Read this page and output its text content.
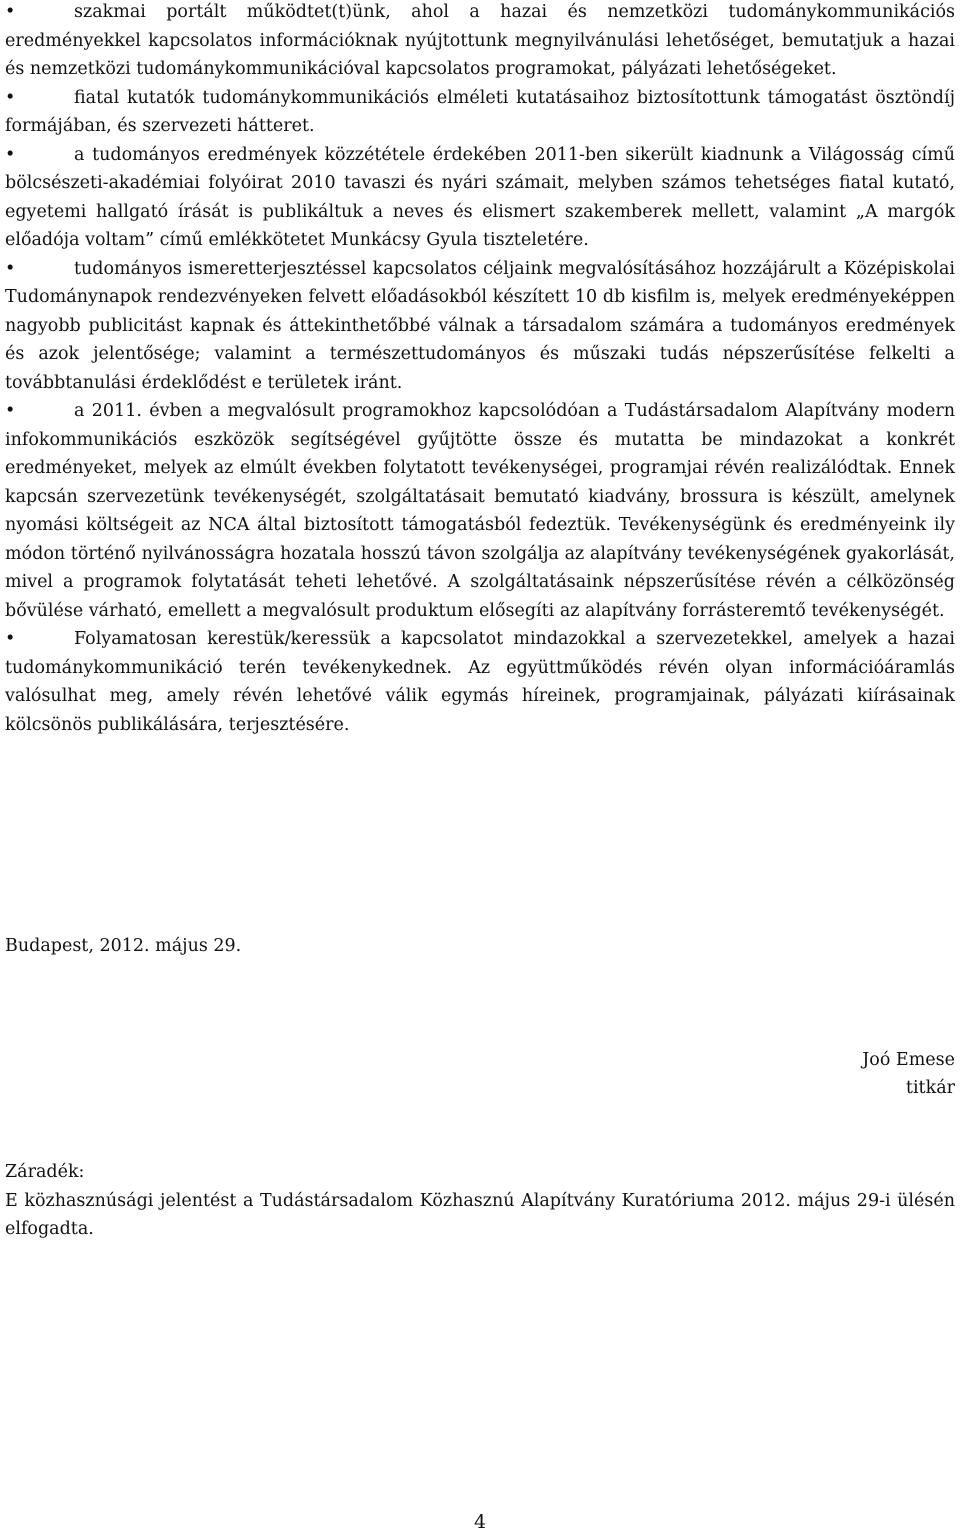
•	szakmai portált működtet(t)ünk, ahol a hazai és nemzetközi tudománykommunikációs eredményekkel kapcsolatos információknak nyújtottunk megnyilvánulási lehetőséget, bemutatjuk a hazai és nemzetközi tudománykommunikációval kapcsolatos programokat, pályázati lehetőségeket.
•	fiatal kutatók tudománykommunikációs elméleti kutatásaihoz biztosítottunk támogatást ösztöndíj formájában, és szervezeti hátteret.
•	a tudományos eredmények közzététele érdekében 2011-ben sikerült kiadnunk a Világosság című bölcsészeti-akadémiai folyóirat 2010 tavaszi és nyári számait, melyben számos tehetséges fiatal kutató, egyetemi hallgató írását is publikáltuk a neves és elismert szakemberek mellett, valamint „A margók előadója voltam” című emlékkötetet Munkácsy Gyula tiszteletére.
•	tudományos ismeretterjesztéssel kapcsolatos céljaink megvalósításához hozzájárult a Középiskolai Tudománynapok rendezvényeken felvett előadásokból készített 10 db kisfilm is, melyek eredményeképpen nagyobb publicitást kapnak és áttekinthetőbbé válnak a társadalom számára a tudományos eredmények és azok jelentősége; valamint a természettudományos és műszaki tudás népszerűsítése felkelti a továbbtanulási érdeklődést e területek iránt.
•	a 2011. évben a megvalósult programokhoz kapcsolódóan a Tudástársadalom Alapítvány modern infokommunikációs eszközök segítségével gyűjtötte össze és mutatta be mindazokat a konkrét eredményeket, melyek az elmúlt években folytatott tevékenységei, programjai révén realizálódtak. Ennek kapcsán szervezetünk tevékenységét, szolgáltatásait bemutató kiadvány, brossura is készült, amelynek nyomási költségeit az NCA által biztosított támogatásból fedeztük. Tevékenységünk és eredményeink ily módon történő nyilvánosságra hozatala hosszú távon szolgálja az alapítvány tevékenységének gyakorlását, mivel a programok folytatását teheti lehetővé. A szolgáltatásaink népszerűsítése révén a célközönség bővülése várható, emellett a megvalósult produktum elősegíti az alapítvány forrásteremtő tevékenységét.
•	Folyamatosan kerestük/keressük a kapcsolatot mindazokkal a szervezetekkel, amelyek a hazai tudománykommunikáció terén tevékenykednek. Az együttműködés révén olyan információáramlás valósulhat meg, amely révén lehetővé válik egymás híreinek, programjainak, pályázati kiírásainak kölcsönös publikálására, terjesztésére.
Budapest, 2012. május 29.
Joó Emese
titkár
Záradék:

E közhasznúsági jelentést a Tudástársadalom Közhasznú Alapítvány Kuratóriuma 2012. május 29-i ülésén elfogadta.

4
